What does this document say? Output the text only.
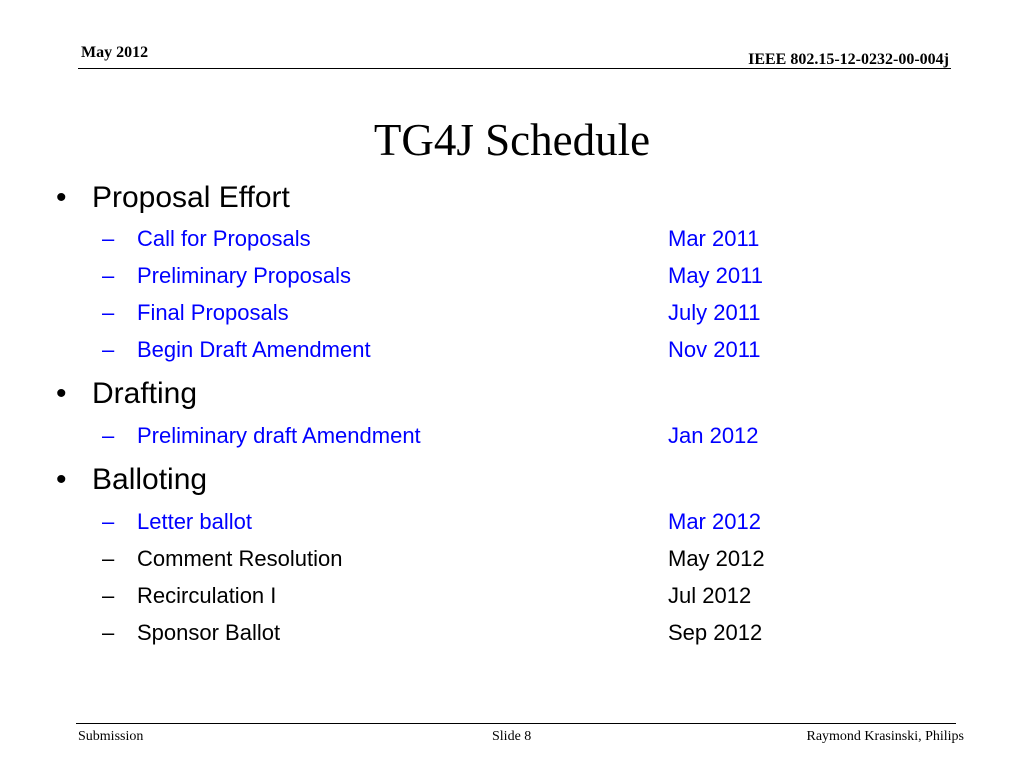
May 2012	IEEE 802.15-12-0232-00-004j
TG4J Schedule
• Proposal Effort
– Call for Proposals	Mar 2011
– Preliminary Proposals	May 2011
– Final Proposals	July 2011
– Begin Draft Amendment	Nov 2011
• Drafting
– Preliminary draft Amendment	Jan 2012
• Balloting
– Letter ballot	Mar 2012
– Comment Resolution	May 2012
– Recirculation I	Jul 2012
– Sponsor Ballot	Sep 2012
Submission	Slide 8	Raymond Krasinski, Philips
